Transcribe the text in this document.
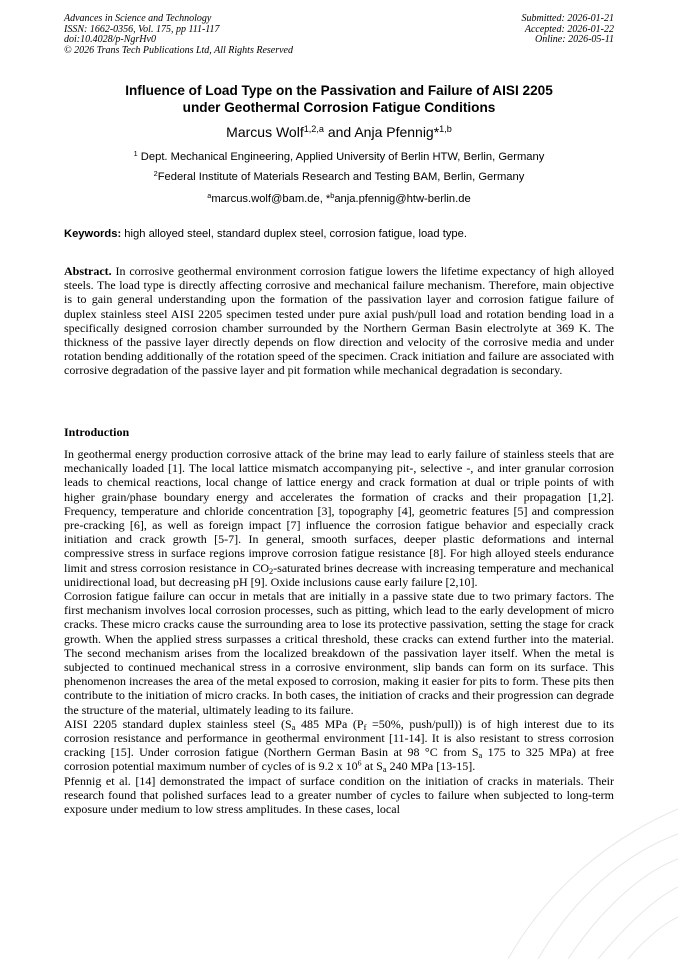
Advances in Science and Technology
ISSN: 1662-0356, Vol. 175, pp 111-117
doi:10.4028/p-NgrHv0
© 2026 Trans Tech Publications Ltd, All Rights Reserved
Submitted: 2026-01-21
Accepted: 2026-01-22
Online: 2026-05-11
Influence of Load Type on the Passivation and Failure of AISI 2205
under Geothermal Corrosion Fatigue Conditions
Marcus Wolf$^{1,2,a}$ and Anja Pfennig*$^{1,b}$
$^1$ Dept. Mechanical Engineering, Applied University of Berlin HTW, Berlin, Germany
$^2$Federal Institute of Materials Research and Testing BAM, Berlin, Germany
$^a$marcus.wolf@bam.de, *$^b$anja.pfennig@htw-berlin.de
Keywords: high alloyed steel, standard duplex steel, corrosion fatigue, load type.

Abstract. In corrosive geothermal environment corrosion fatigue lowers the lifetime expectancy of high alloyed steels. The load type is directly affecting corrosive and mechanical failure mechanism. Therefore, main objective is to gain general understanding upon the formation of the passivation layer and corrosion fatigue failure of duplex stainless steel AISI 2205 specimen tested under pure axial push/pull load and rotation bending load in a specifically designed corrosion chamber surrounded by the Northern German Basin electrolyte at 369 K. The thickness of the passive layer directly depends on flow direction and velocity of the corrosive media and under rotation bending additionally of the rotation speed of the specimen. Crack initiation and failure are associated with corrosive degradation of the passive layer and pit formation while mechanical degradation is secondary.

Introduction

In geothermal energy production corrosive attack of the brine may lead to early failure of stainless steels that are mechanically loaded [1]. The local lattice mismatch accompanying pit-, selective -, and inter granular corrosion leads to chemical reactions, local change of lattice energy and crack formation at dual or triple points of with higher grain/phase boundary energy and accelerates the formation of cracks and their propagation [1,2]. Frequency, temperature and chloride concentration [3], topography [4], geometric features [5] and compression pre-cracking [6], as well as foreign impact [7] influence the corrosion fatigue behavior and especially crack initiation and crack growth [5-7]. In general, smooth surfaces, deeper plastic deformations and internal compressive stress in surface regions improve corrosion fatigue resistance [8]. For high alloyed steels endurance limit and stress corrosion resistance in $CO_2$-saturated brines decrease with increasing temperature and mechanical unidirectional load, but decreasing pH [9]. Oxide inclusions cause early failure [2,10].

Corrosion fatigue failure can occur in metals that are initially in a passive state due to two primary factors. The first mechanism involves local corrosion processes, such as pitting, which lead to the early development of micro cracks. These micro cracks cause the surrounding area to lose its protective passivation, setting the stage for crack growth. When the applied stress surpasses a critical threshold, these cracks can extend further into the material. The second mechanism arises from the localized breakdown of the passivation layer itself. When the metal is subjected to continued mechanical stress in a corrosive environment, slip bands can form on its surface. This phenomenon increases the area of the metal exposed to corrosion, making it easier for pits to form. These pits then contribute to the initiation of micro cracks. In both cases, the initiation of cracks and their progression can degrade the structure of the material, ultimately leading to its failure.

AISI 2205 standard duplex stainless steel ($S_a$ 485 MPa ($P_f =50\%$, push/pull)) is of high interest due to its corrosion resistance and performance in geothermal environment [11-14]. It is also resistant to stress corrosion cracking [15]. Under corrosion fatigue (Northern German Basin at 98 °C from $S_a$ 175 to 325 MPa) at free corrosion potential maximum number of cycles of is 9.2 x $10^6$ at $S_a$ 240 MPa [13-15].

Pfennig et al. [14] demonstrated the impact of surface condition on the initiation of cracks in materials. Their research found that polished surfaces lead to a greater number of cycles to failure when subjected to long-term exposure under medium to low stress amplitudes. In these cases, local
